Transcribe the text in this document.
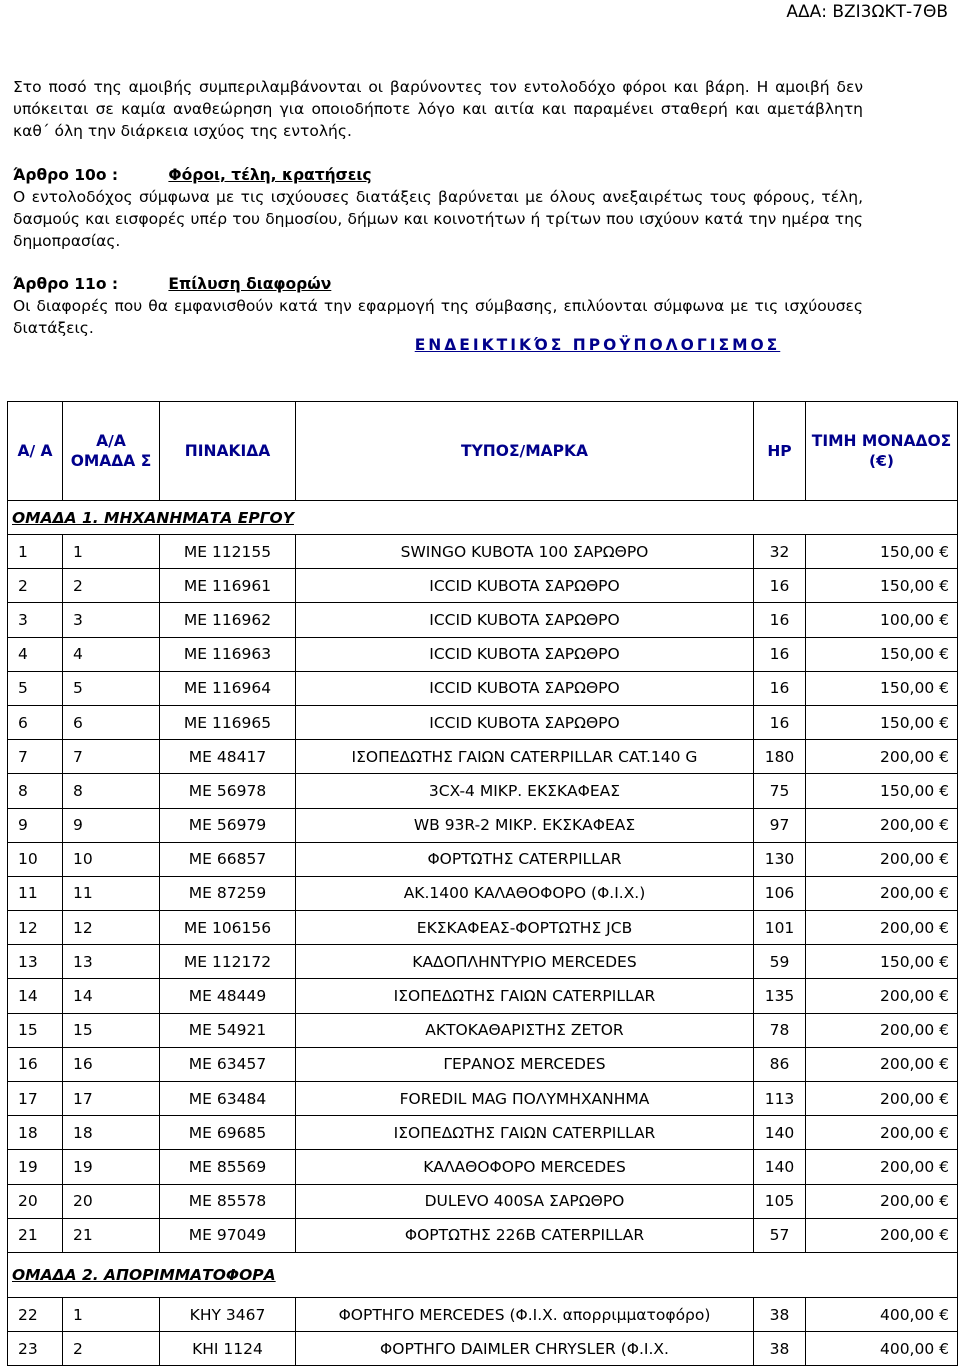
ΑΔΑ: ΒΖΙ3ΩΚΤ-7ΘΒ

Στο ποσό της αμοιβής συμπεριλαμβάνονται οι βαρύνοντες τον εντολοδόχο φόροι και βάρη. Η αμοιβή δεν υπόκειται σε καμία αναθεώρηση για οποιοδήποτε λόγο και αιτία και παραμένει σταθερή και αμετάβλητη καθ΄ όλη την διάρκεια ισχύος της εντολής.

Άρθρο 10ο :	Φόροι, τέλη, κρατήσεις

Ο εντολοδόχος σύμφωνα με τις ισχύουσες διατάξεις βαρύνεται με όλους ανεξαιρέτως τους φόρους, τέλη, δασμούς και εισφορές υπέρ του δημοσίου, δήμων και κοινοτήτων ή τρίτων που ισχύουν κατά την ημέρα της δημοπρασίας.

Άρθρο 11ο :	Επίλυση διαφορών

Οι διαφορές που θα εμφανισθούν κατά την εφαρμογή της σύμβασης, επιλύονται σύμφωνα με τις ισχύουσες διατάξεις.

ΕΝΔΕΙΚΤΙΚΌΣ ΠΡΟΫΠΟΛΟΓΙΣΜΟΣ
Α/ Α	Α/Α ΟΜΑΔΑ Σ	ΠΙΝΑΚΙΔΑ	ΤΥΠΟΣ/ΜΑΡΚΑ	HP	ΤΙΜΗ ΜΟΝΑΔΟΣ (€)

ΟΜΑΔΑ 1. ΜΗΧΑΝΗΜΑΤΑ ΕΡΓΟΥ					
1	1	ΜΕ 112155	SWINGO KUBOTA 100 ΣΑΡΩΘΡΟ	32	150,00 €
2	2	ΜΕ 116961	ICCID KUBOTA ΣΑΡΩΘΡΟ	16	150,00 €
3	3	ΜΕ 116962	ICCID KUBOTA ΣΑΡΩΘΡΟ	16	100,00 €
4	4	ΜΕ 116963	ICCID KUBOTA ΣΑΡΩΘΡΟ	16	150,00 €
5	5	ΜΕ 116964	ICCID KUBOTA ΣΑΡΩΘΡΟ	16	150,00 €
6	6	ΜΕ 116965	ICCID KUBOTA ΣΑΡΩΘΡΟ	16	150,00 €
7	7	ΜΕ 48417	ΙΣΟΠΕΔΩΤΗΣ ΓΑΙΩΝ CATERPILLAR CAT.140 G	180	200,00 €
8	8	ΜΕ 56978	3CX-4 ΜΙΚΡ. ΕΚΣΚΑΦΕΑΣ	75	150,00 €
9	9	ΜΕ 56979	WB 93R-2 ΜΙΚΡ. ΕΚΣΚΑΦΕΑΣ	97	200,00 €
10	10	ΜΕ 66857	ΦΟΡΤΩΤΗΣ CATERPILLAR	130	200,00 €
11	11	ΜΕ 87259	ΑΚ.1400 ΚΑΛΑΘΟΦΟΡΟ (Φ.Ι.Χ.)	106	200,00 €
12	12	ΜΕ 106156	ΕΚΣΚΑΦΕΑΣ-ΦΟΡΤΩΤΗΣ JCB	101	200,00 €
13	13	ΜΕ 112172	ΚΑΔΟΠΛΗΝΤΥΡΙΟ MERCEDES	59	150,00 €
14	14	ΜΕ 48449	ΙΣΟΠΕΔΩΤΗΣ ΓΑΙΩΝ CATERPILLAR	135	200,00 €
15	15	ΜΕ 54921	ΑΚΤΟΚΑΘΑΡΙΣΤΗΣ ZETOR	78	200,00 €
16	16	ΜΕ 63457	ΓΕΡΑΝΟΣ MERCEDES	86	200,00 €
17	17	ΜΕ 63484	FOREDIL MAG ΠΟΛΥΜΗΧΑΝΗΜΑ	113	200,00 €
18	18	ΜΕ 69685	ΙΣΟΠΕΔΩΤΗΣ ΓΑΙΩΝ CATERPILLAR	140	200,00 €
19	19	ΜΕ 85569	ΚΑΛΑΘΟΦΟΡΟ MERCEDES	140	200,00 €
20	20	ΜΕ 85578	DULEVO 400SA ΣΑΡΩΘΡΟ	105	200,00 €
21	21	ΜΕ 97049	ΦΟΡΤΩΤΗΣ 226B CATERPILLAR	57	200,00 €
ΟΜΑΔΑ 2. ΑΠΟΡΙΜΜΑΤΟΦΟΡΑ					
22	1	ΚΗΥ 3467	ΦΟΡΤΗΓΟ MERCEDES (Φ.Ι.Χ. απορριμματοφόρο)	38	400,00 €
23	2	ΚΗΙ 1124	ΦΟΡΤΗΓΟ DAIMLER CHRYSLER (Φ.Ι.Χ.	38	400,00 €
